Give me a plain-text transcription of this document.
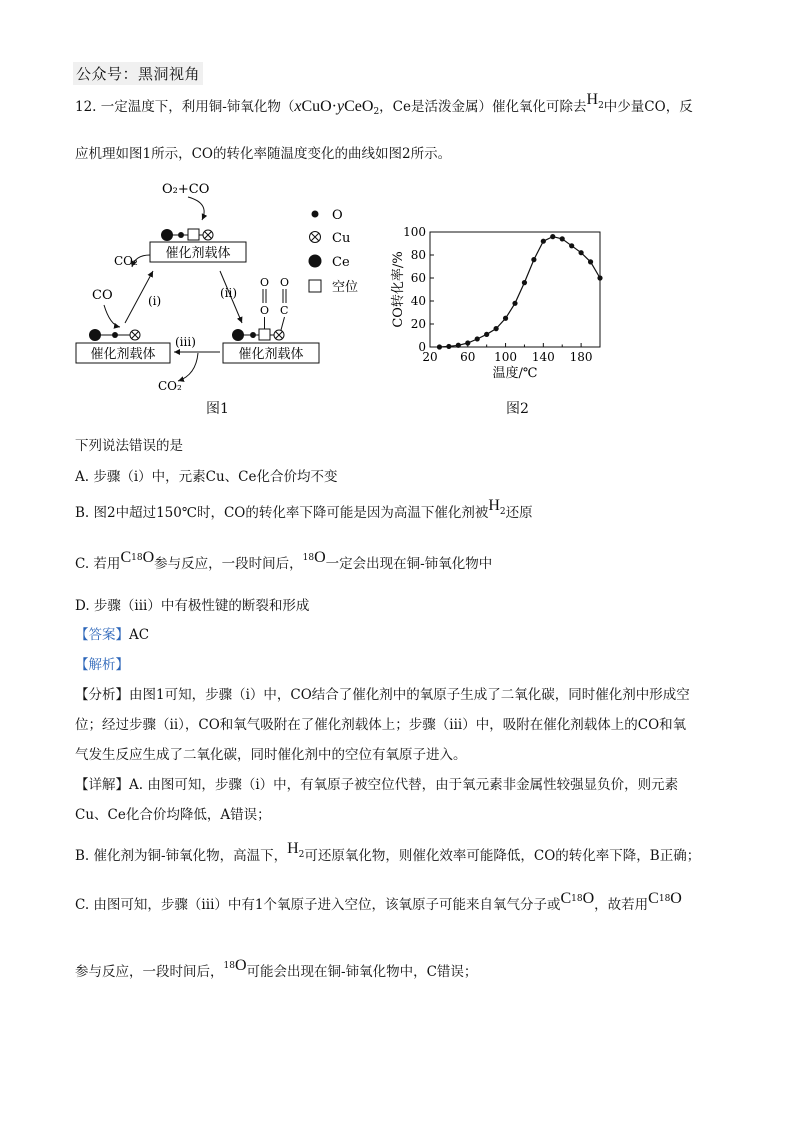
公众号：黑洞视角
12. 一定温度下，利用铜-铈氧化物（xCuO·yCeO$_2$，Ce是活泼金属）催化氧化可除去$H^2$中少量CO，反
应机理如图1所示，CO的转化率随温度变化的曲线如图2所示。
O₂+CO
催化剂载体
CO₂
CO	(i)
(ii)
催化剂载体
O
O
O
C
催化剂载体
(iii)
CO₂
O
Cu
Ce
空位
图1
20 60 100 140 180
0
20
40
60
80
100
温度/℃
CO转化率/%
图2
下列说法错误的是
A. 步骤（i）中，元素Cu、Ce化合价均不变
B. 图2中超过150℃时，CO的转化率下降可能是因为高温下催化剂被$H^2$还原
C. 若用$C^{18}O$参与反应，一段时间后，$^{18}$O一定会出现在铜-铈氧化物中
D. 步骤（iii）中有极性键的断裂和形成
【答案】AC
【解析】
【分析】由图1可知，步骤（i）中，CO结合了催化剂中的氧原子生成了二氧化碳，同时催化剂中形成空
位；经过步骤（ii），CO和氧气吸附在了催化剂载体上；步骤（iii）中，吸附在催化剂载体上的CO和氧
气发生反应生成了二氧化碳，同时催化剂中的空位有氧原子进入。
【详解】A. 由图可知，步骤（i）中，有氧原子被空位代替，由于氧元素非金属性较强显负价，则元素
Cu、Ce化合价均降低，A错误；
B. 催化剂为铜-铈氧化物，高温下，$H^2$可还原氧化物，则催化效率可能降低，CO的转化率下降，B正确；
C. 由图可知，步骤（iii）中有1个氧原子进入空位，该氧原子可能来自氧气分子或$C^{18}O$，故若用$C^{18}O$
参与反应，一段时间后，$^{18}$O可能会出现在铜-铈氧化物中，C错误；
